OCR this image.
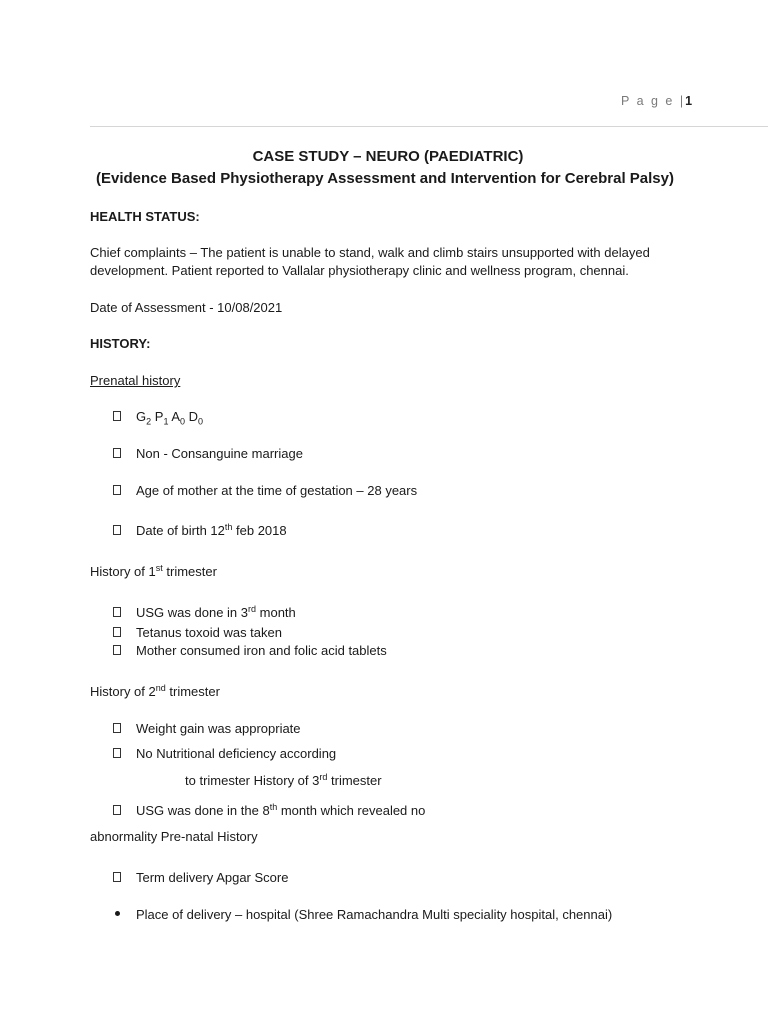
P a g e |1
CASE STUDY – NEURO (PAEDIATRIC)
(Evidence Based Physiotherapy Assessment and Intervention for Cerebral Palsy)
HEALTH STATUS:
Chief complaints – The patient is unable to stand, walk and climb stairs unsupported with delayed
development. Patient reported to Vallalar physiotherapy clinic and wellness program, chennai.
Date of Assessment - 10/08/2021
HISTORY:
Prenatal history
$G_2$ $P_1$ $A_0$ $D_0$
Non - Consanguine marriage
Age of mother at the time of gestation – 28 years
Date of birth 12th feb 2018
History of 1st trimester
USG was done in 3rd month
Tetanus toxoid was taken
Mother consumed iron and folic acid tablets
History of 2nd trimester
Weight gain was appropriate
No Nutritional deficiency according
to trimester History of 3rd trimester
USG was done in the 8th month which revealed no
abnormality Pre-natal History
Term delivery Apgar Score
Place of delivery – hospital (Shree Ramachandra Multi speciality hospital, chennai)
